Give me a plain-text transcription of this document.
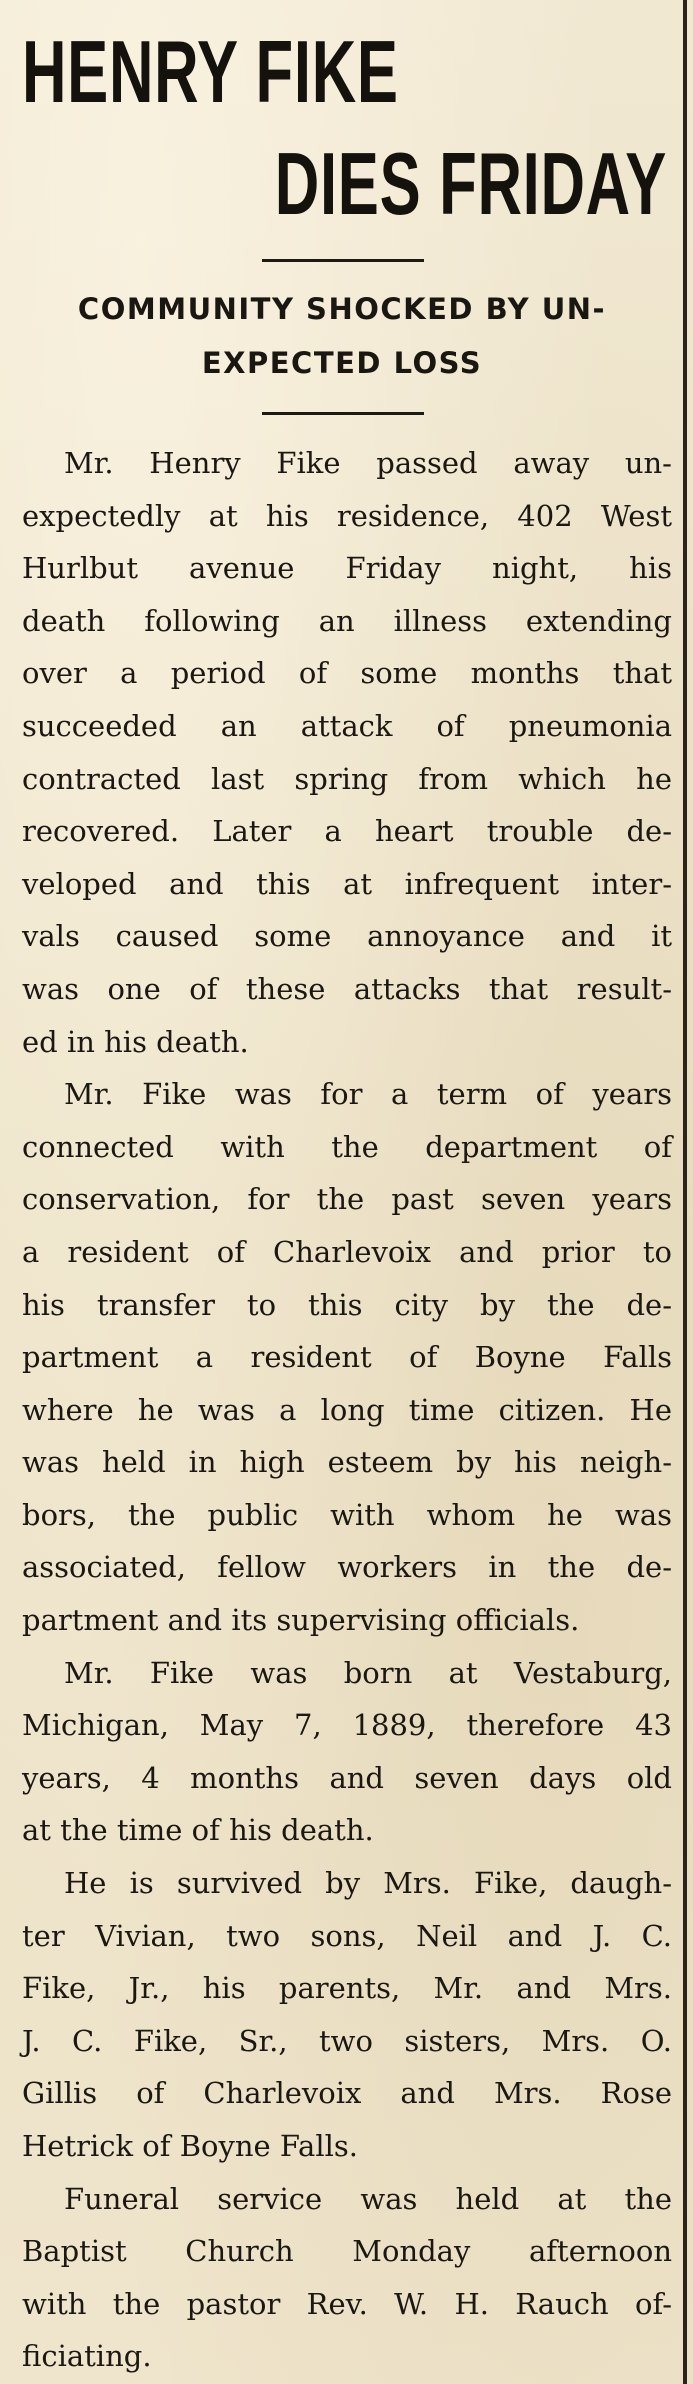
HENRY FIKE
DIES FRIDAY
COMMUNITY SHOCKED BY UN-
EXPECTED LOSS
Mr. Henry Fike passed away un-
expectedly at his residence, 402 West
Hurlbut avenue Friday night, his
death following an illness extending
over a period of some months that
succeeded an attack of pneumonia
contracted last spring from which he
recovered. Later a heart trouble de-
veloped and this at infrequent inter-
vals caused some annoyance and it
was one of these attacks that result-
ed in his death.
Mr. Fike was for a term of years
connected with the department of
conservation, for the past seven years
a resident of Charlevoix and prior to
his transfer to this city by the de-
partment a resident of Boyne Falls
where he was a long time citizen. He
was held in high esteem by his neigh-
bors, the public with whom he was
associated, fellow workers in the de-
partment and its supervising officials.
Mr. Fike was born at Vestaburg,
Michigan, May 7, 1889, therefore 43
years, 4 months and seven days old
at the time of his death.
He is survived by Mrs. Fike, daugh-
ter Vivian, two sons, Neil and J. C.
Fike, Jr., his parents, Mr. and Mrs.
J. C. Fike, Sr., two sisters, Mrs. O.
Gillis of Charlevoix and Mrs. Rose
Hetrick of Boyne Falls.
Funeral service was held at the
Baptist Church Monday afternoon
with the pastor Rev. W. H. Rauch of-
ficiating.
